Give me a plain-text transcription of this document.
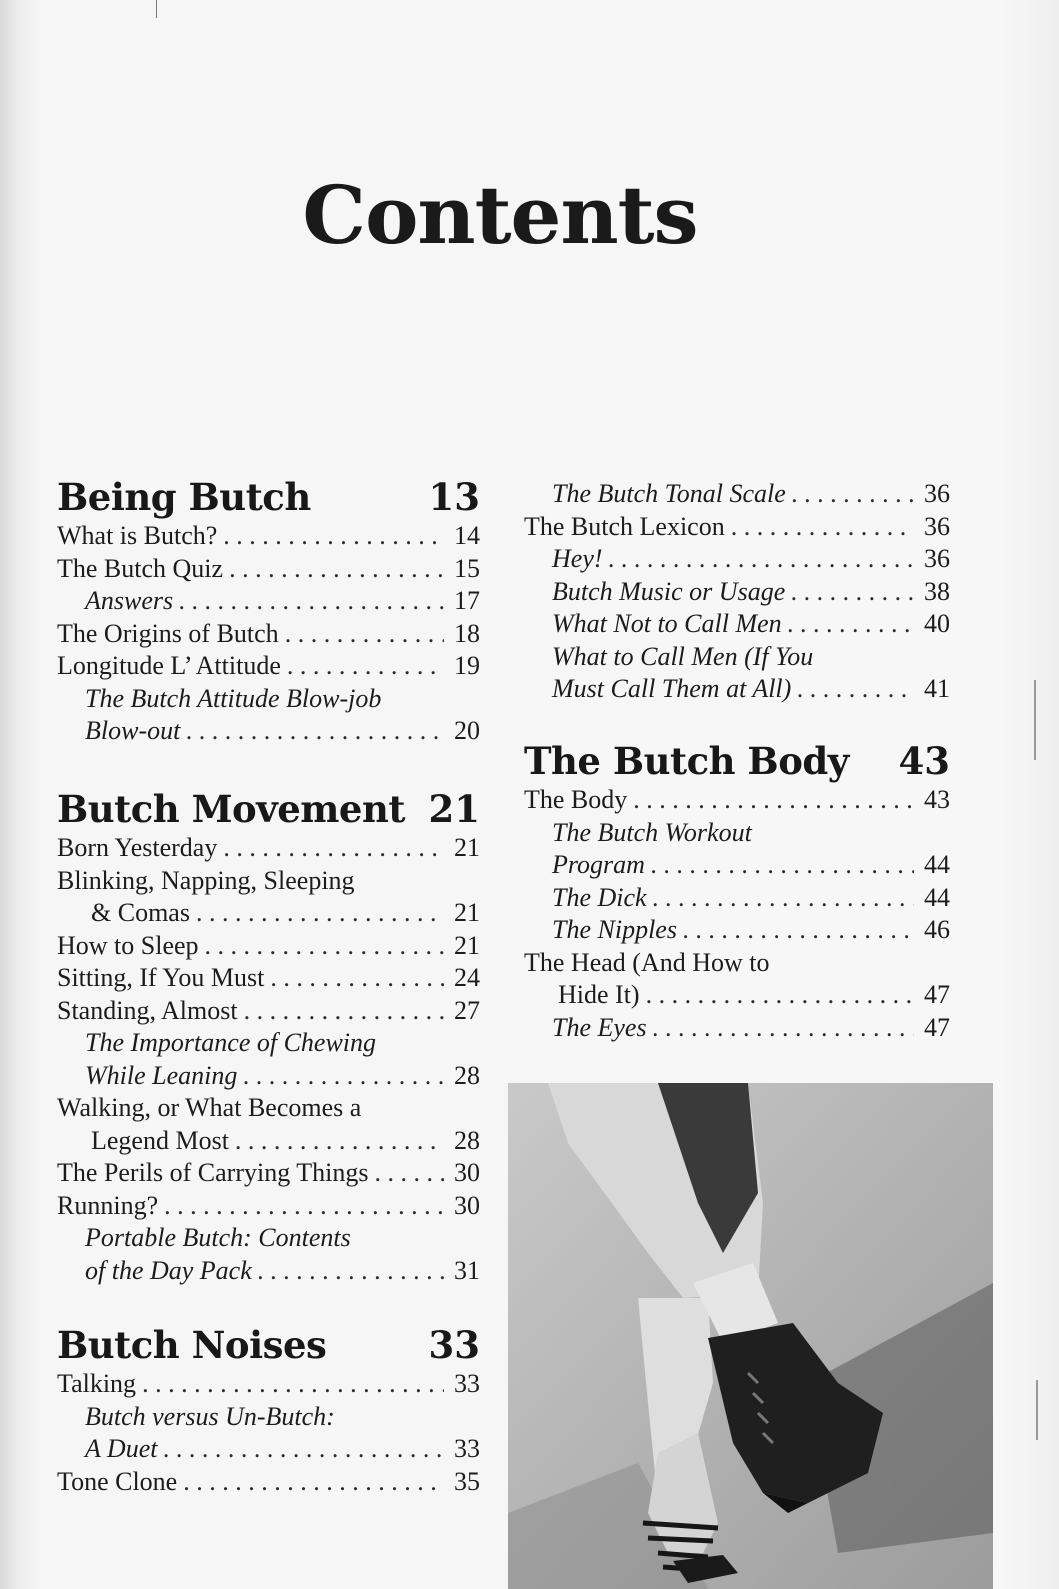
Contents
Being Butch	13
What is Butch? . . .	14
The Butch Quiz . . .	15
Answers . . .	17
The Origins of Butch . . .	18
Longitude L’ Attitude . . .	19
The Butch Attitude Blow-job
Blow-out . . .	20
Butch Movement 21
Born Yesterday . . .	21
Blinking, Napping, Sleeping
& Comas . . .	21
How to Sleep . . .	21
Sitting, If You Must . . .	24
Standing, Almost . . .	27
The Importance of Chewing
While Leaning . . .	28
Walking, or What Becomes a
Legend Most . . .	28
The Perils of Carrying Things . . .	30
Running? . . .	30
Portable Butch: Contents
of the Day Pack . . .	31
Butch Noises	33
Talking . . .	33
Butch versus Un-Butch:
A Duet . . .	33
Tone Clone . . .	35
The Butch Tonal Scale . . .	36
The Butch Lexicon . . .	36
Hey! . . .	36
Butch Music or Usage . . .	38
What Not to Call Men . . .	40
What to Call Men (If You
Must Call Them at All) . . .	41
The Butch Body 43
The Body . . .	43
The Butch Workout
Program . . .	44
The Dick . . .	44
The Nipples . . .	46
The Head (And How to
Hide It) . . .	47
The Eyes . . .	47
